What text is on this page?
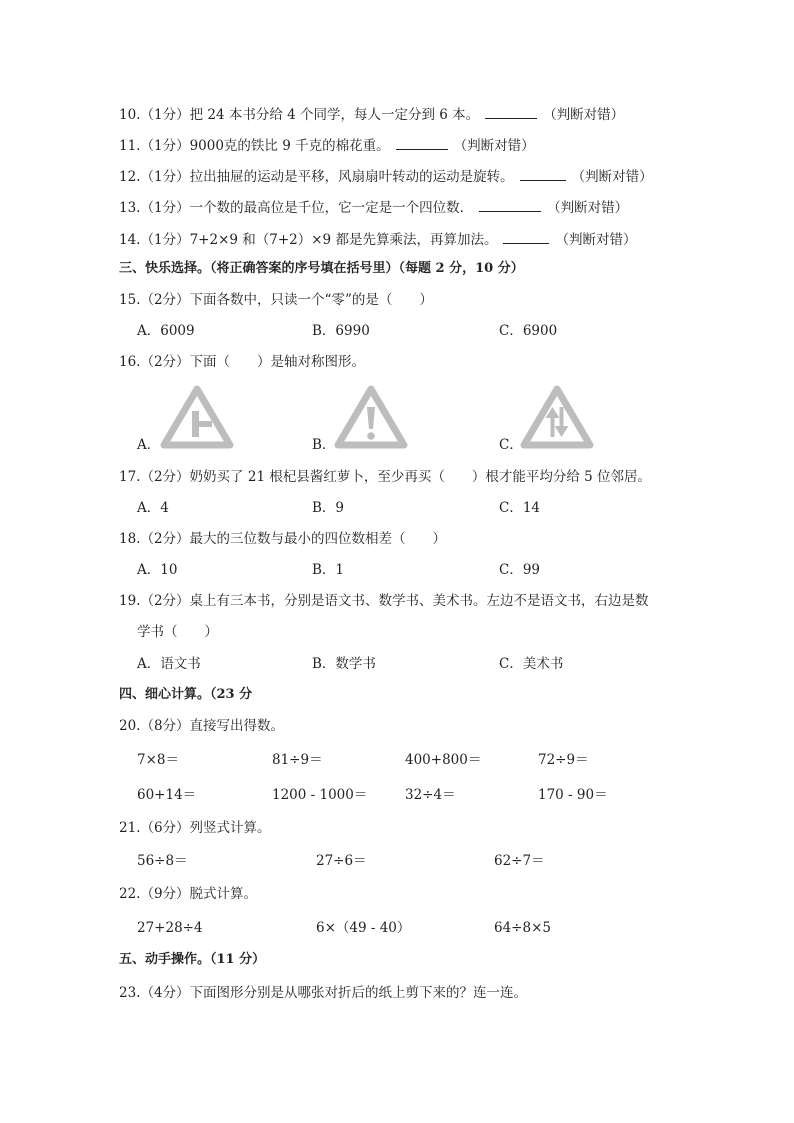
10.（1分）把 24 本书分给 4 个同学，每人一定分到 6 本。	（判断对错）
11.（1分）9000克的铁比 9 千克的棉花重。	（判断对错）
12.（1分）拉出抽屉的运动是平移，风扇扇叶转动的运动是旋转。	（判断对错）
13.（1分）一个数的最高位是千位，它一定是一个四位数．	（判断对错）
14.（1分）7+2×9 和（7+2）×9 都是先算乘法，再算加法。	（判断对错）
三、快乐选择。（将正确答案的序号填在括号里）（每题 2 分，10 分）
15.（2分）下面各数中，只读一个“零”的是（　　）
A．6009	B．6990	C．6900
16.（2分）下面（　　）是轴对称图形。
A．	B．	C．
17.（2分）奶奶买了 21 根杞县酱红萝卜，至少再买（　　）根才能平均分给 5 位邻居。
A．4	B．9	C．14
18.（2分）最大的三位数与最小的四位数相差（　　）
A．10	B．1	C．99
19.（2分）桌上有三本书，分别是语文书、数学书、美术书。左边不是语文书，右边是数
学书（　　）
A．语文书	B．数学书	C．美术书
四、细心计算。（23 分
20.（8分）直接写出得数。
7×8＝	81÷9＝	400+800＝	72÷9＝
60+14＝	1200 - 1000＝	32÷4＝	170 - 90＝
21.（6分）列竖式计算。
56÷8＝	27÷6＝	62÷7＝
22.（9分）脱式计算。
27+28÷4	6×（49 - 40）	64÷8×5
五、动手操作。（11 分）
23.（4分）下面图形分别是从哪张对折后的纸上剪下来的？连一连。
